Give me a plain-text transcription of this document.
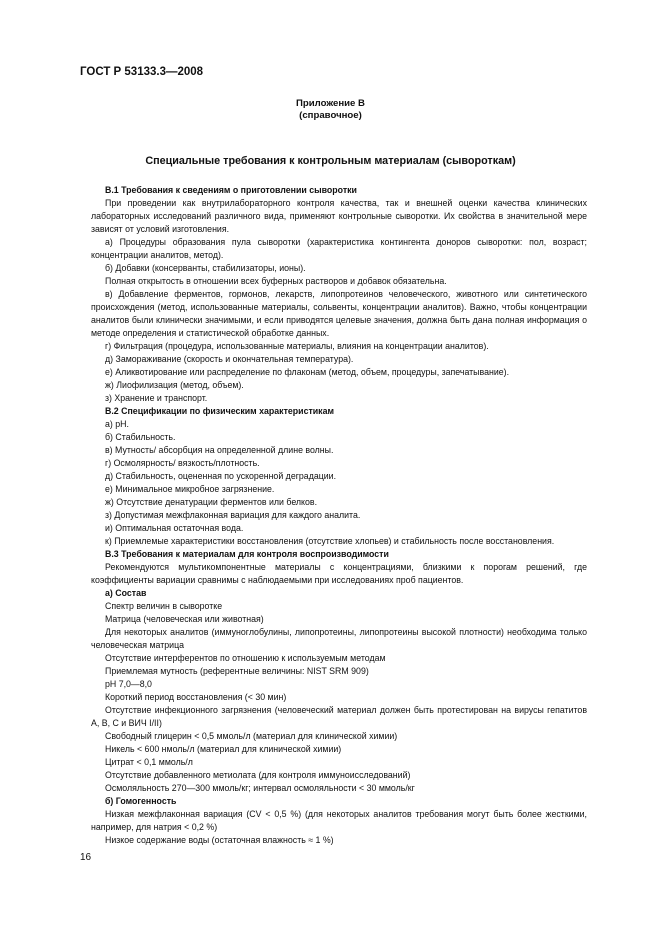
ГОСТ Р 53133.3—2008
Приложение В
(справочное)
Специальные требования к контрольным материалам (сывороткам)

B.1 Требования к сведениям о приготовлении сыворотки

При проведении как внутрилабораторного контроля качества, так и внешней оценки качества клинических лабораторных исследований различного вида, применяют контрольные сыворотки. Их свойства в значительной мере зависят от условий изготовления.

а) Процедуры образования пула сыворотки (характеристика контингента доноров сыворотки: пол, возраст; концентрации аналитов, метод).

б) Добавки (консерванты, стабилизаторы, ионы).

Полная открытость в отношении всех буферных растворов и добавок обязательна.

в) Добавление ферментов, гормонов, лекарств, липопротеинов человеческого, животного или синтетического происхождения (метод, использованные материалы, сольвенты, концентрации аналитов). Важно, чтобы концентрации аналитов были клинически значимыми, и если приводятся целевые значения, должна быть дана полная информация о методе определения и статистической обработке данных.

г) Фильтрация (процедура, использованные материалы, влияния на концентрации аналитов).

д) Замораживание (скорость и окончательная температура).

е) Аликвотирование или распределение по флаконам (метод, объем, процедуры, запечатывание).

ж) Лиофилизация (метод, объем).

з) Хранение и транспорт.

B.2 Спецификации по физическим характеристикам

а) pH.

б) Стабильность.

в) Мутность/ абсорбция на определенной длине волны.

г) Осмолярность/ вязкость/плотность.

д) Стабильность, оцененная по ускоренной деградации.

е) Минимальное микробное загрязнение.

ж) Отсутствие денатурации ферментов или белков.

з) Допустимая межфлаконная вариация для каждого аналита.

и) Оптимальная остаточная вода.

к) Приемлемые характеристики восстановления (отсутствие хлопьев) и стабильность после восстановления.

B.3 Требования к материалам для контроля воспроизводимости

Рекомендуются мультикомпонентные материалы с концентрациями, близкими к порогам решений, где коэффициенты вариации сравнимы с наблюдаемыми при исследованиях проб пациентов.

а) Состав

Спектр величин в сыворотке

Матрица (человеческая или животная)

Для некоторых аналитов (иммуноглобулины, липопротеины, липопротеины высокой плотности) необходима только человеческая матрица

Отсутствие интерферентов по отношению к используемым методам

Приемлемая мутность (референтные величины: NIST SRM 909)

pH 7,0—8,0

Короткий период восстановления (< 30 мин)

Отсутствие инфекционного загрязнения (человеческий материал должен быть протестирован на вирусы гепатитов А, В, С и ВИЧ I/II)

Свободный глицерин < 0,5 ммоль/л (материал для клинической химии)

Никель < 600 нмоль/л (материал для клинической химии)

Цитрат < 0,1 ммоль/л

Отсутствие добавленного метиолата (для контроля иммуноисследований)

Осмоляльность 270—300 ммоль/кг; интервал осмоляльности < 30 ммоль/кг

б) Гомогенность

Низкая межфлаконная вариация (CV < 0,5 %) (для некоторых аналитов требования могут быть более жесткими, например, для натрия < 0,2 %)

Низкое содержание воды (остаточная влажность ≈ 1 %)

16
